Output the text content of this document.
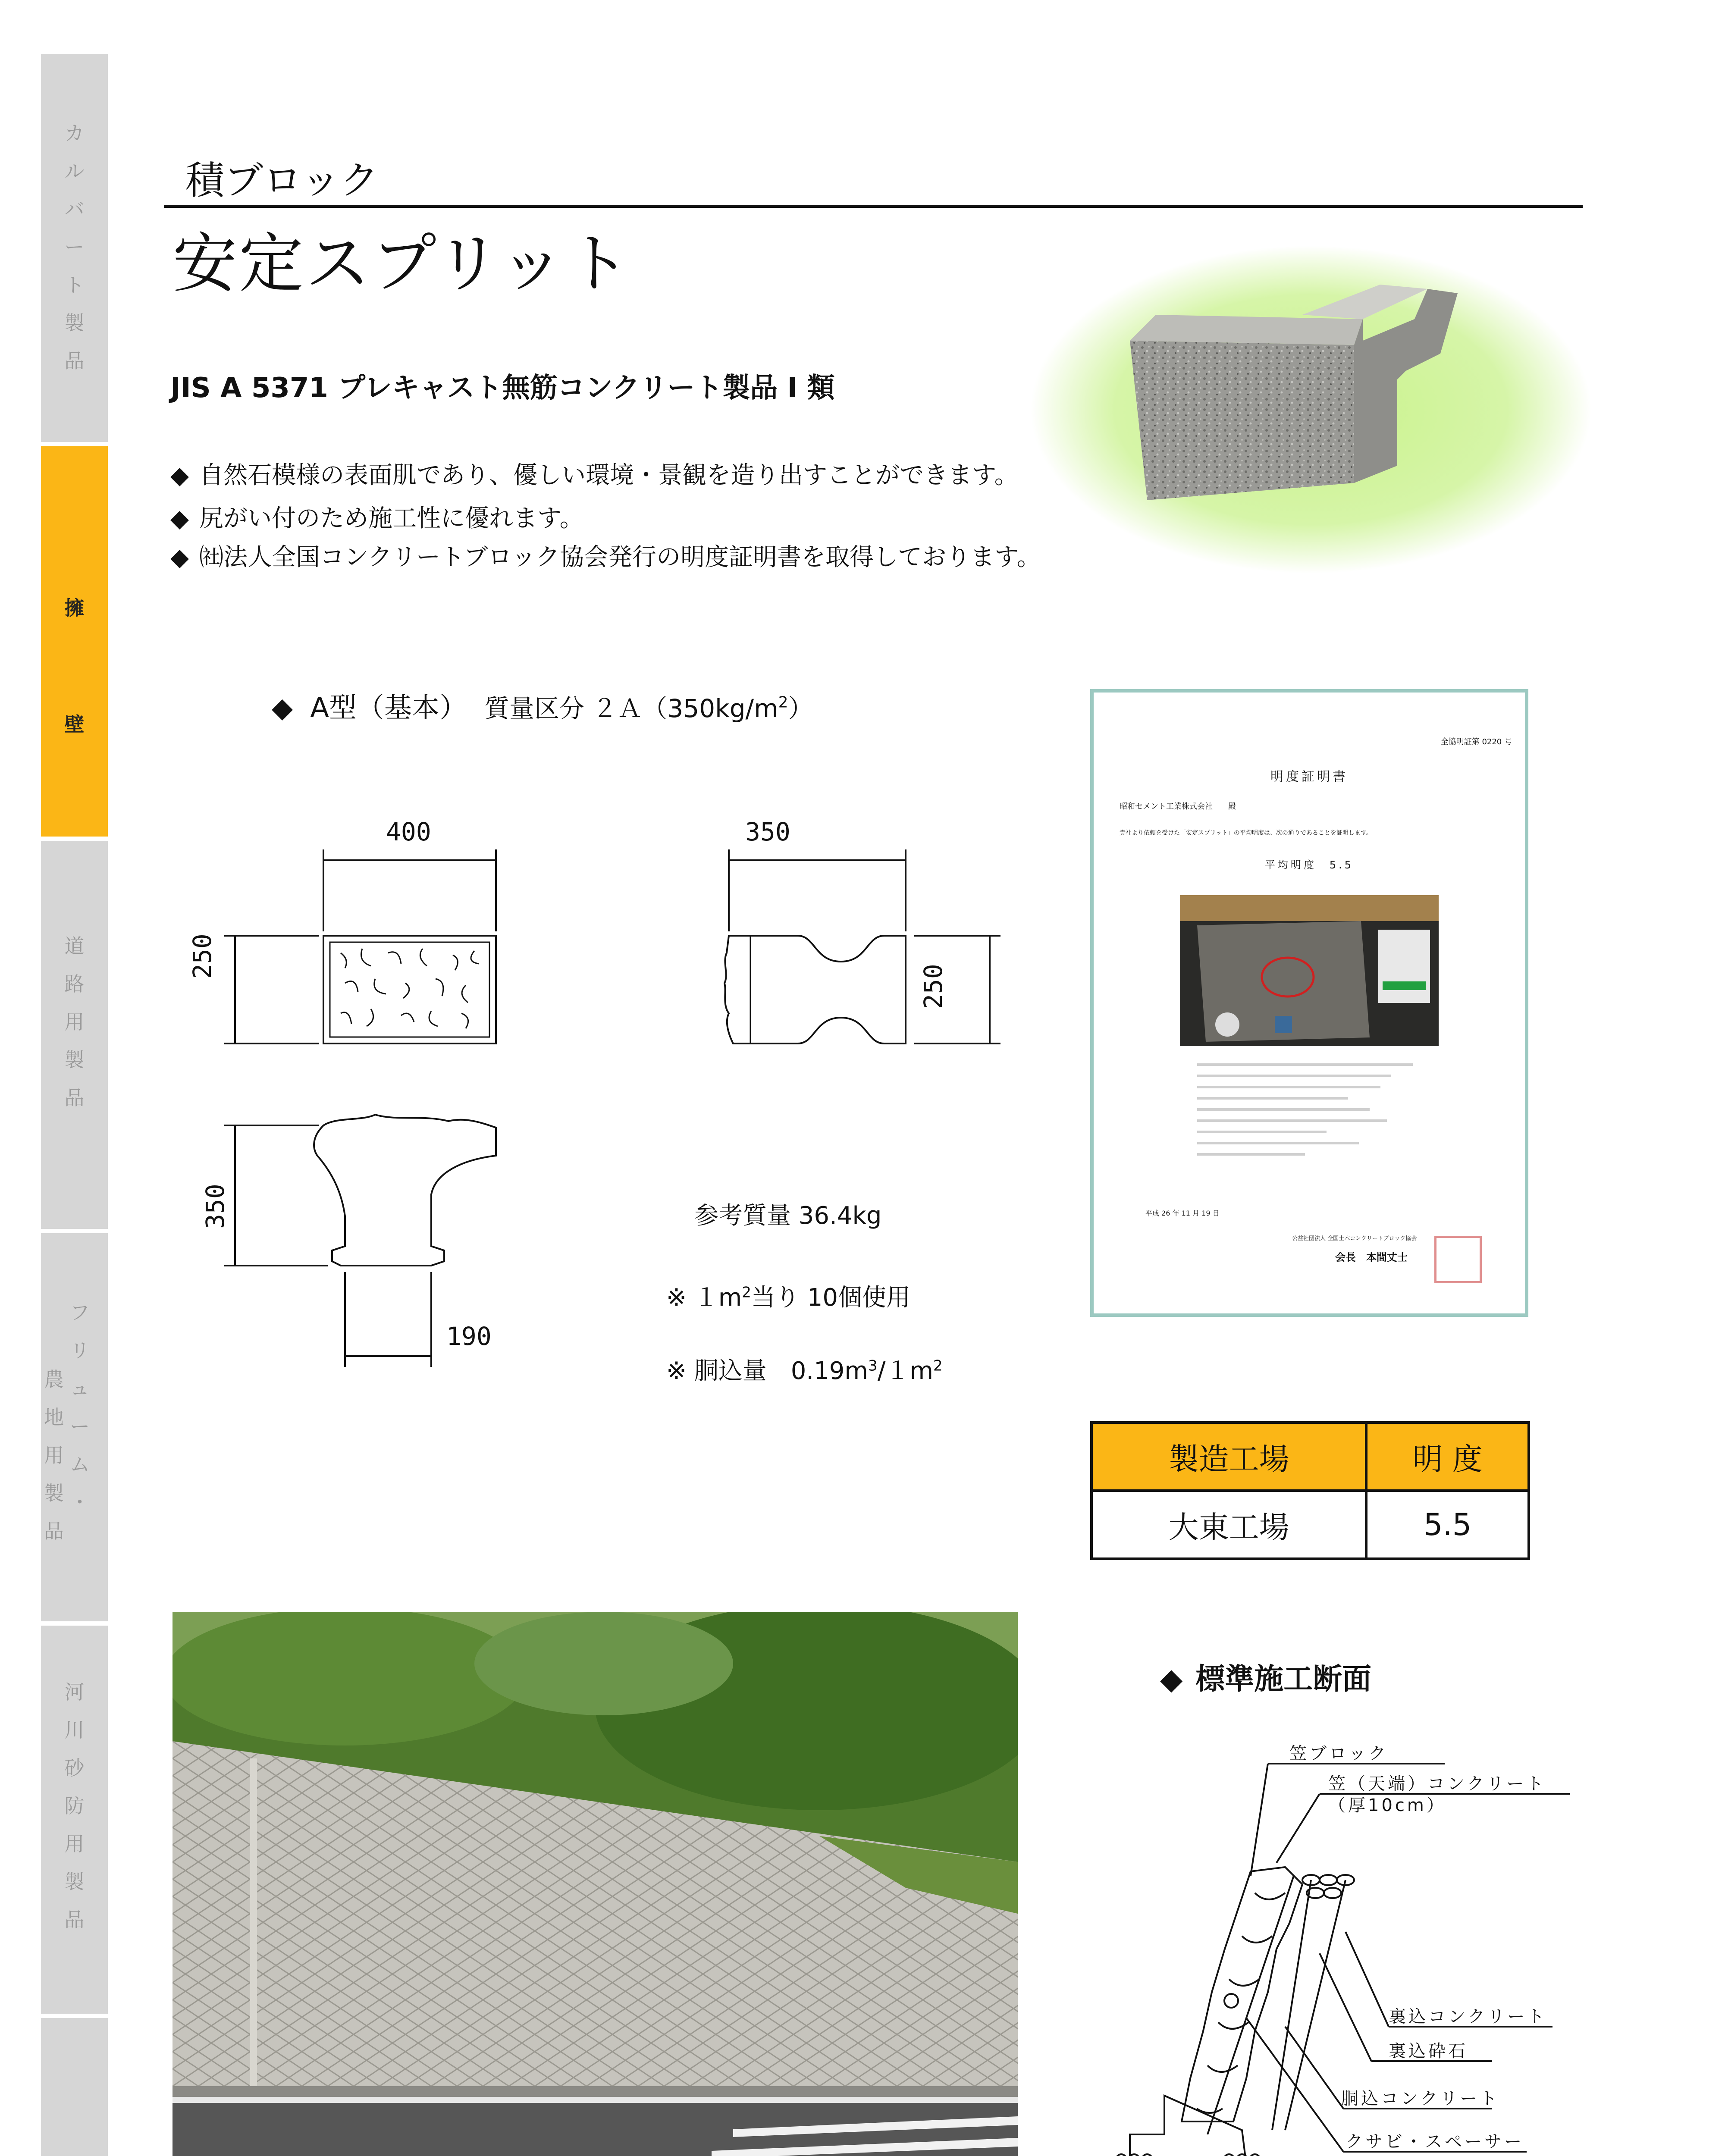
カ
ル
バ
ー
ト
製
品
擁
壁
道
路
用
製
品
フ
リ
ュ
ー
ム
・
農
地
用
製
品
河
川
砂
防
用
製
品
積ブロック
安定スプリット
JIS A 5371 プレキャスト無筋コンクリート製品 I 類
◆ 自然石模様の表面肌であり、優しい環境・景観を造り出すことができます。
◆ 尻がい付のため施工性に優れます。
◆ ㈳法人全国コンクリートブロック協会発行の明度証明書を取得しております。
◆ A型（基本） 質量区分 $2A(350kg/m^2)$
400
250
350
250
350
190
参考質量 36.4kg
※ $1m^2$当り 10個使用
※ 胴込量　$0.19m^3/1m^2$
全協明証第 0220 号
明度証明書
昭和セメント工業株式会社　　殿
貴社より依頼を受けた「安定スプリット」の平均明度は、次の通りであることを証明します。
平均明度　5.5
平成 26 年 11 月 19 日
公益社団法人 全国土木コンクリートブロック協会
会長　本間丈士
製造工場	明 度
大東工場	5.5
◆ 標準施工断面
笠ブロック
笠（天端）コンクリート
（厚10cm）
裏込コンクリート
裏込砕石
胴込コンクリート
クサビ・スペーサー
